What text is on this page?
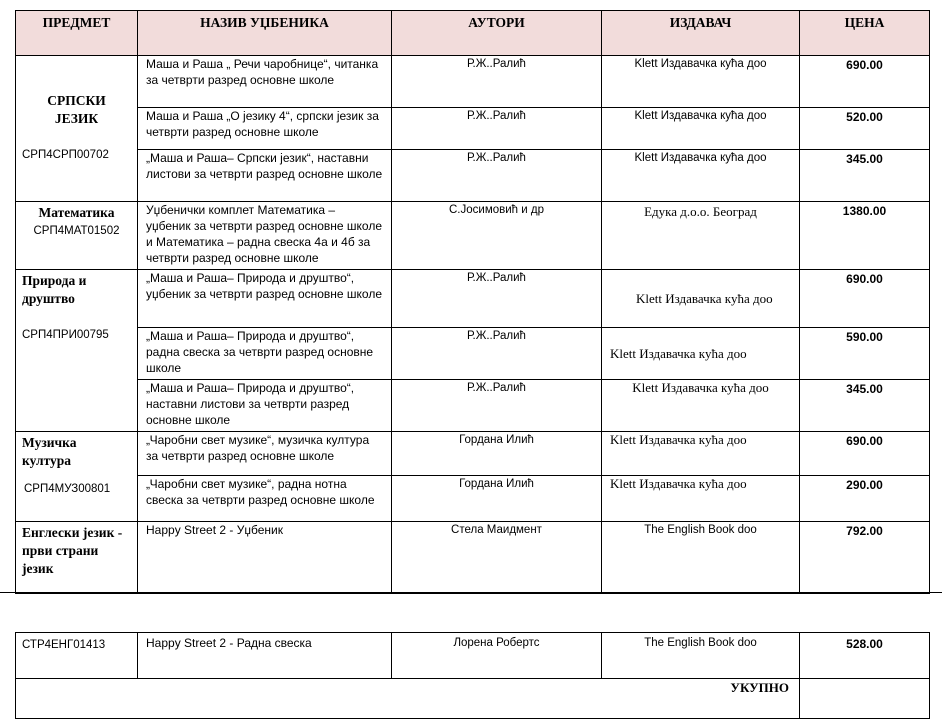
ПРЕДМЕТ	НАЗИВ УЏБЕНИКА	АУТОРИ	ИЗДАВАЧ	ЦЕНА

СРПСКИ ЈЕЗИК
СРП4СРП00702	Маша и Раша „ Речи чаробнице“, читанка за четврти разред основне школе	Р.Ж..Ралић	Klett Издавачка кућа доо	690.00
	Маша и Раша „О језику 4“, српски језик за четврти разред основне школе	Р.Ж..Ралић	Klett Издавачка кућа доо	520.00
	„Маша и Раша– Српски језик“, наставни листови за четврти разред основне школе	Р.Ж..Ралић	Klett Издавачка кућа доо	345.00

Математика
СРП4МАТ01502	Уџбенички комплет Математика – уџбеник за четврти разред основне школе и Математика – радна свеска 4а и 4б за четврти разред основне школе	С.Јосимовић и др	Едука д.о.о. Београд	1380.00

Природа и друштво
СРП4ПРИ00795	„Маша и Раша– Природа и друштво“, уџбеник за четврти разред основне школе	Р.Ж..Ралић	Klett Издавачка кућа доо	690.00
	„Маша и Раша– Природа и друштво“, радна свеска за четврти разред основне школе	Р.Ж..Ралић	Klett Издавачка кућа доо	590.00
	„Маша и Раша– Природа и друштво“, наставни листови за четврти разред основне школе	Р.Ж..Ралић	Klett Издавачка кућа доо	345.00

Музичка култура
СРП4МУЗ00801	„Чаробни свет музике“, музичка култура за четврти разред основне школе	Гордана Илић	Klett Издавачка кућа доо	690.00
	„Чаробни свет музике“, радна нотна свеска за четврти разред основне школе	Гордана Илић	Klett Издавачка кућа доо	290.00

Енглески језик - први страни језик	Happy Street 2 - Уџбеник	Стела Маидмент	The English Book doo	792.00
СТР4ЕНГ01413	Happy Street 2 - Радна свеска	Лорена Робертс	The English Book doo	528.00
УКУПНО				
